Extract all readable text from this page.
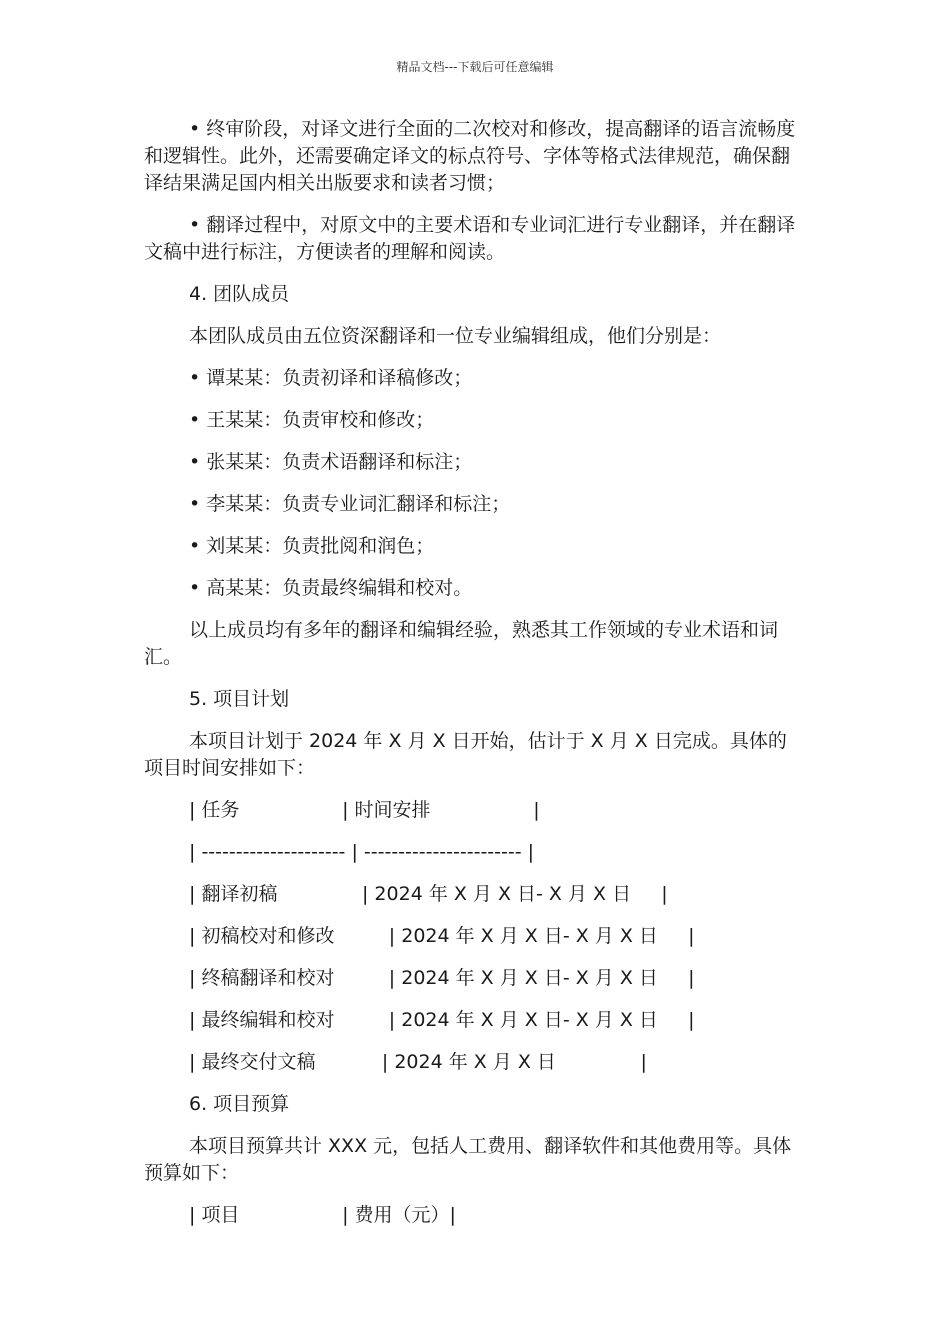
精品文档---下载后可任意编辑

• 终审阶段，对译文进行全面的二次校对和修改，提高翻译的语言流畅度和逻辑性。此外，还需要确定译文的标点符号、字体等格式法律规范，确保翻译结果满足国内相关出版要求和读者习惯；

• 翻译过程中，对原文中的主要术语和专业词汇进行专业翻译，并在翻译文稿中进行标注，方便读者的理解和阅读。

4. 团队成员

本团队成员由五位资深翻译和一位专业编辑组成，他们分别是：

• 谭某某：负责初译和译稿修改；

• 王某某：负责审校和修改；

• 张某某：负责术语翻译和标注；

• 李某某：负责专业词汇翻译和标注；

• 刘某某：负责批阅和润色；

• 高某某：负责最终编辑和校对。

以上成员均有多年的翻译和编辑经验，熟悉其工作领域的专业术语和词汇。

5. 项目计划

本项目计划于 2024 年 X 月 X 日开始，估计于 X 月 X 日完成。具体的项目时间安排如下：

| 任务                 | 时间安排                 |

| --------------------- | ----------------------- |

| 翻译初稿              | 2024 年 X 月 X 日- X 月 X 日     |

| 初稿校对和修改         | 2024 年 X 月 X 日- X 月 X 日     |

| 终稿翻译和校对         | 2024 年 X 月 X 日- X 月 X 日     |

| 最终编辑和校对         | 2024 年 X 月 X 日- X 月 X 日     |

| 最终交付文稿           | 2024 年 X 月 X 日              |

6. 项目预算

本项目预算共计 XXX 元，包括人工费用、翻译软件和其他费用等。具体预算如下：

| 项目                 | 费用（元）|
